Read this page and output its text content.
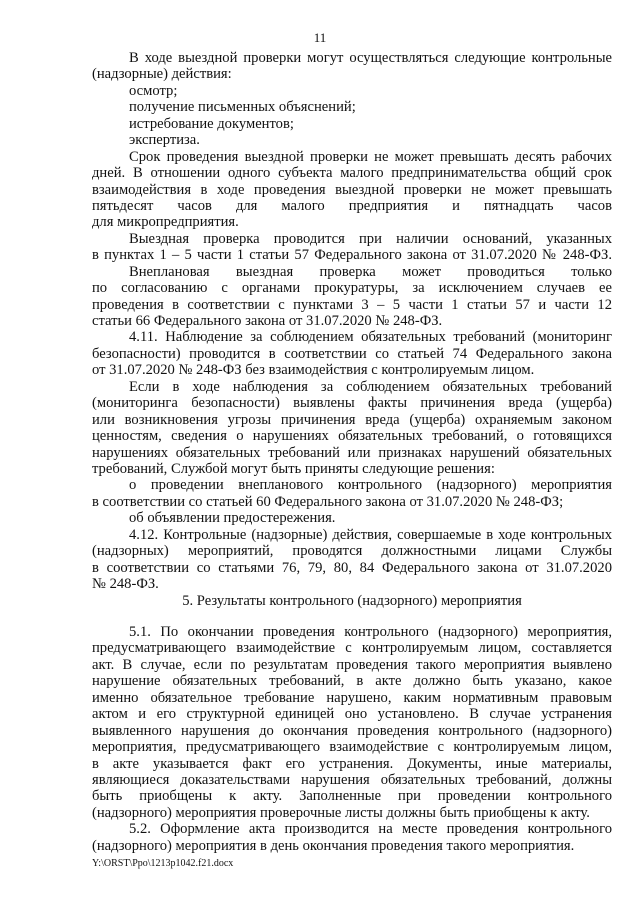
11
В ходе выездной проверки могут осуществляться следующие контрольные
(надзорные) действия:
осмотр;
получение письменных объяснений;
истребование документов;
экспертиза.
Срок проведения выездной проверки не может превышать десять рабочих
дней. В отношении одного субъекта малого предпринимательства общий срок
взаимодействия в ходе проведения выездной проверки не может превышать
пятьдесят часов для малого предприятия и пятнадцать часов
для микропредприятия.
Выездная проверка проводится при наличии оснований, указанных
в пунктах 1 – 5 части 1 статьи 57 Федерального закона от 31.07.2020 № 248-ФЗ.
Внеплановая выездная проверка может проводиться только
по согласованию с органами прокуратуры, за исключением случаев ее
проведения в соответствии с пунктами 3 – 5 части 1 статьи 57 и части 12
статьи 66 Федерального закона от 31.07.2020 № 248-ФЗ.
4.11. Наблюдение за соблюдением обязательных требований (мониторинг
безопасности) проводится в соответствии со статьей 74 Федерального закона
от 31.07.2020 № 248-ФЗ без взаимодействия с контролируемым лицом.
Если в ходе наблюдения за соблюдением обязательных требований
(мониторинга безопасности) выявлены факты причинения вреда (ущерба)
или возникновения угрозы причинения вреда (ущерба) охраняемым законом
ценностям, сведения о нарушениях обязательных требований, о готовящихся
нарушениях обязательных требований или признаках нарушений обязательных
требований, Службой могут быть приняты следующие решения:
о проведении внепланового контрольного (надзорного) мероприятия
в соответствии со статьей 60 Федерального закона от 31.07.2020 № 248-ФЗ;
об объявлении предостережения.
4.12. Контрольные (надзорные) действия, совершаемые в ходе контрольных
(надзорных) мероприятий, проводятся должностными лицами Службы
в соответствии со статьями 76, 79, 80, 84 Федерального закона от 31.07.2020
№ 248-ФЗ.
5. Результаты контрольного (надзорного) мероприятия
5.1. По окончании проведения контрольного (надзорного) мероприятия,
предусматривающего взаимодействие с контролируемым лицом, составляется
акт. В случае, если по результатам проведения такого мероприятия выявлено
нарушение обязательных требований, в акте должно быть указано, какое
именно обязательное требование нарушено, каким нормативным правовым
актом и его структурной единицей оно установлено. В случае устранения
выявленного нарушения до окончания проведения контрольного (надзорного)
мероприятия, предусматривающего взаимодействие с контролируемым лицом,
в акте указывается факт его устранения. Документы, иные материалы,
являющиеся доказательствами нарушения обязательных требований, должны
быть приобщены к акту. Заполненные при проведении контрольного
(надзорного) мероприятия проверочные листы должны быть приобщены к акту.
5.2. Оформление акта производится на месте проведения контрольного
(надзорного) мероприятия в день окончания проведения такого мероприятия.
Y:\ORST\Ppo\1213p1042.f21.docx
